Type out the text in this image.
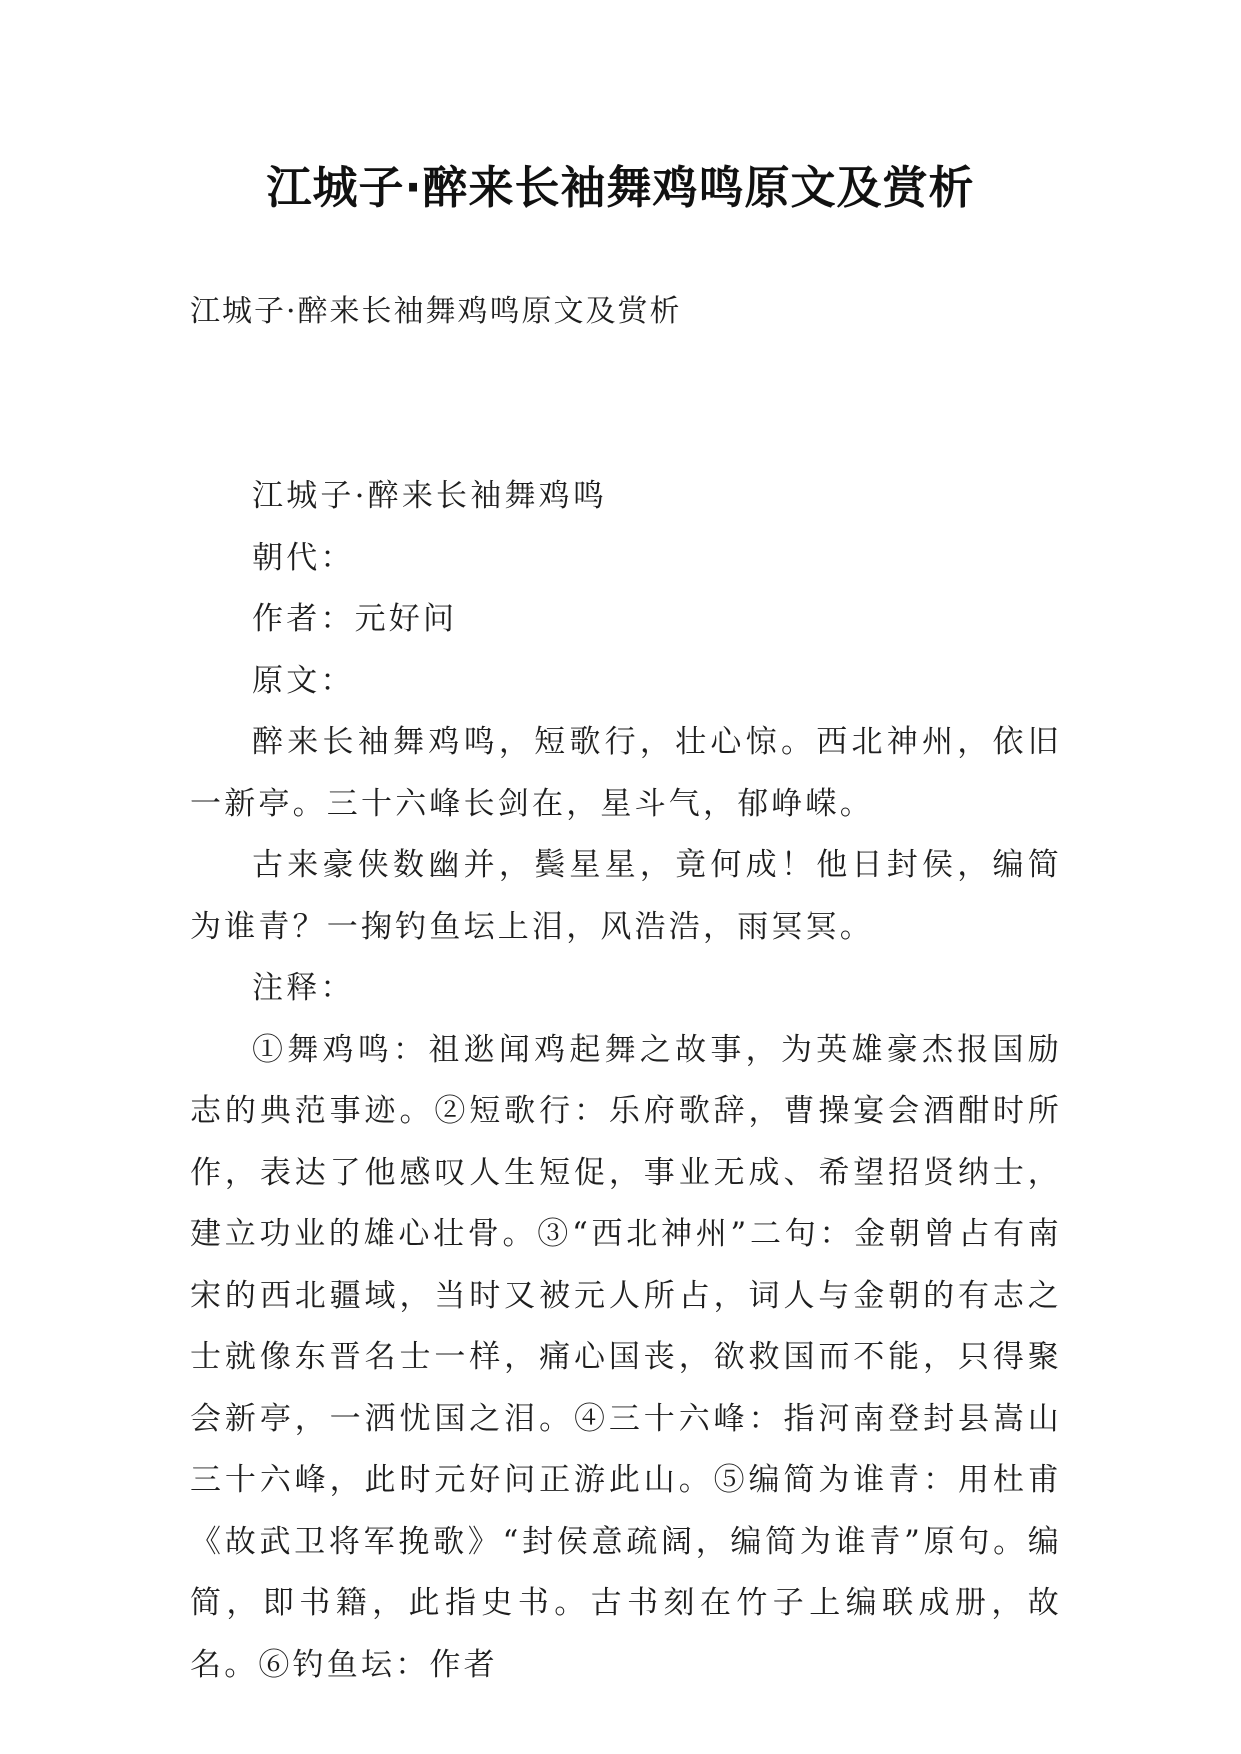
江城子·醉来长袖舞鸡鸣原文及赏析
江城子·醉来长袖舞鸡鸣原文及赏析

江城子·醉来长袖舞鸡鸣

朝代：

作者：元好问

原文：

醉来长袖舞鸡鸣，短歌行，壮心惊。西北神州，依旧一新亭。三十六峰长剑在，星斗气，郁峥嵘。

古来豪侠数幽并，鬓星星，竟何成！他日封侯，编简为谁青？一掬钓鱼坛上泪，风浩浩，雨冥冥。

注释：

①舞鸡鸣：祖逖闻鸡起舞之故事，为英雄豪杰报国励志的典范事迹。②短歌行：乐府歌辞，曹操宴会酒酣时所作，表达了他感叹人生短促，事业无成、希望招贤纳士，建立功业的雄心壮骨。③“西北神州”二句：金朝曾占有南宋的西北疆域，当时又被元人所占，词人与金朝的有志之士就像东晋名士一样，痛心国丧，欲救国而不能，只得聚会新亭，一洒忧国之泪。④三十六峰：指河南登封县嵩山三十六峰，此时元好问正游此山。⑤编简为谁青：用杜甫《故武卫将军挽歌》“封侯意疏阔，编简为谁青”原句。编简，即书籍，此指史书。古书刻在竹子上编联成册，故名。⑥钓鱼坛：作者
